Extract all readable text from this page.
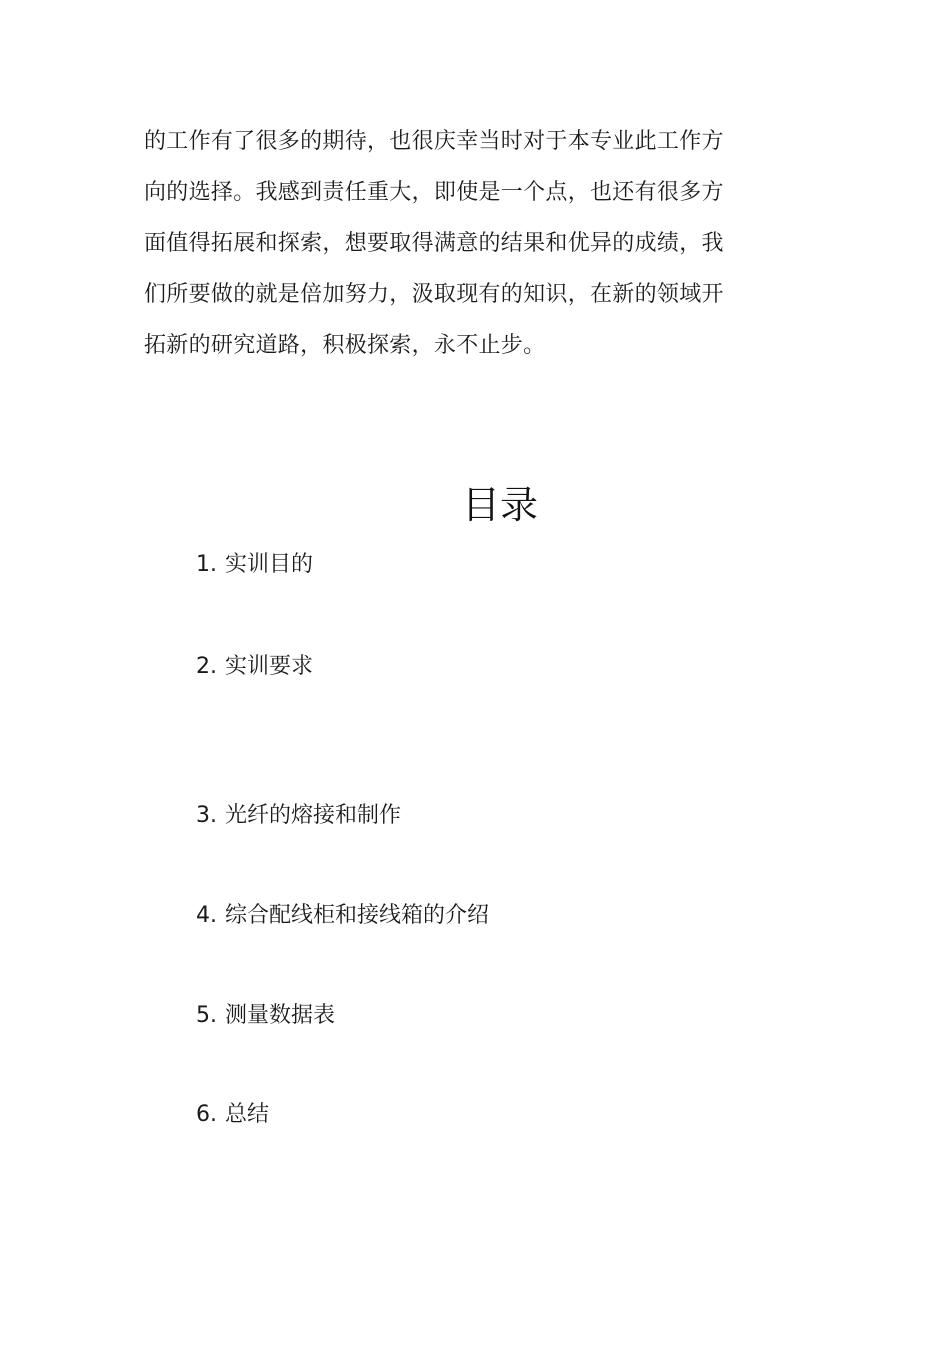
的工作有了很多的期待，也很庆幸当时对于本专业此工作方
向的选择。我感到责任重大，即使是一个点，也还有很多方
面值得拓展和探索，想要取得满意的结果和优异的成绩，我
们所要做的就是倍加努力，汲取现有的知识，在新的领域开
拓新的研究道路，积极探索，永不止步。
目录
1. 实训目的
2. 实训要求
3. 光纤的熔接和制作
4. 综合配线柜和接线箱的介绍
5. 测量数据表
6. 总结
